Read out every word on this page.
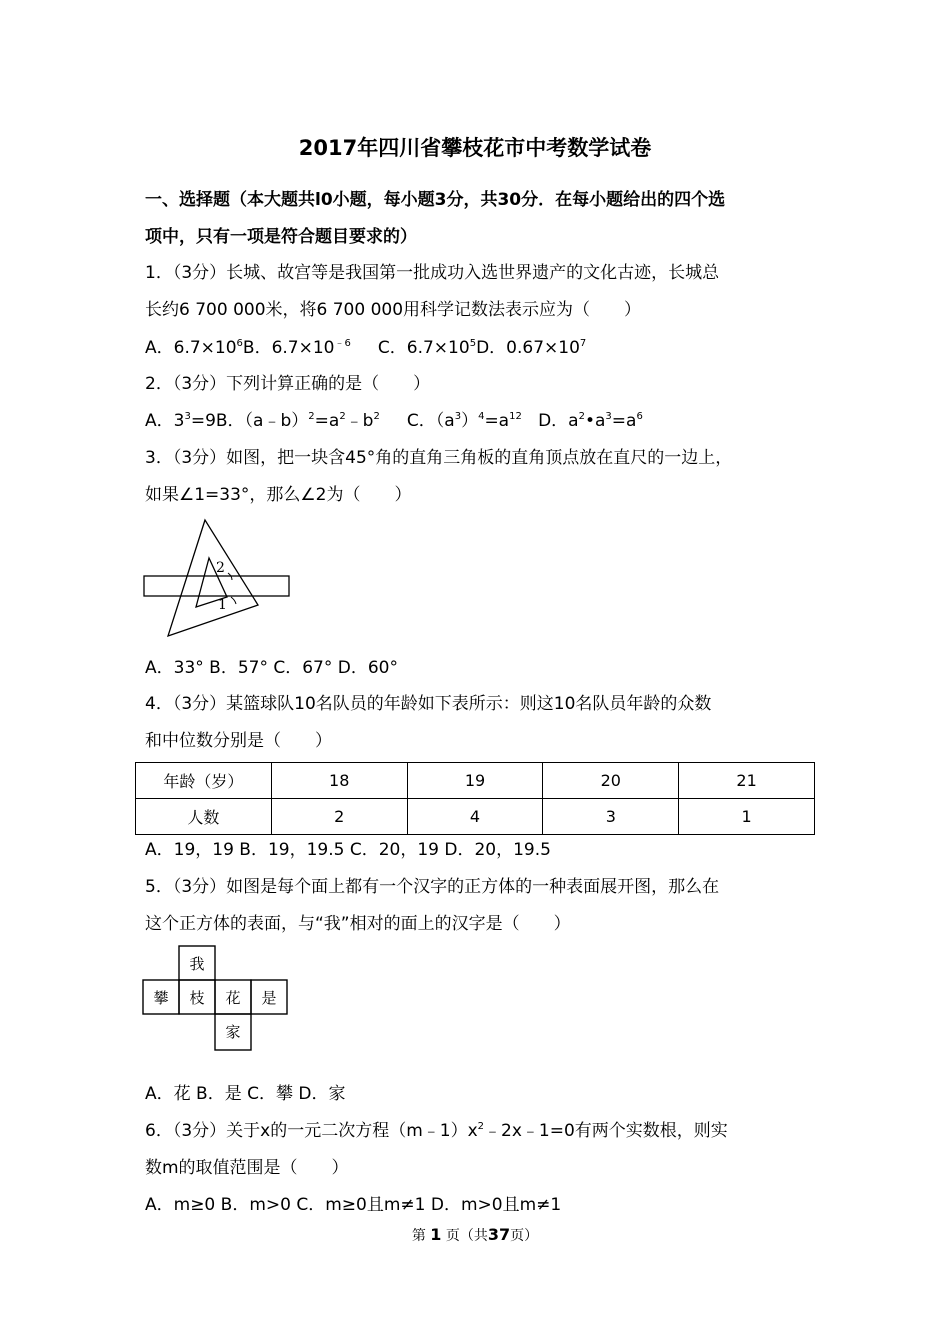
2017年四川省攀枝花市中考数学试卷
一、选择题（本大题共l0小题，每小题3分，共30分．在每小题给出的四个选
项中，只有一项是符合题目要求的）
1．（3分）长城、故宫等是我国第一批成功入选世界遗产的文化古迹，长城总
长约6 700 000米，将6 700 000用科学记数法表示应为（　　）
A．$6.7\times 10^6B$．$6.7\times 10^{﹣6}$ C．$6.7\times 10^5D$．$0.67\times 10^7$
2．（3分）下列计算正确的是（　　）
A．$3^3=9B$．$(a﹣b)^2=a^2﹣b^2$ C．$(a^3)^4=a^{12}$ D．$a^2•a^3=a^6$
3．（3分）如图，把一块含45°角的直角三角板的直角顶点放在直尺的一边上，
如果∠1=33°，那么∠2为（　　）
2
1
A．33° B．57° C．67° D．60°
4．（3分）某篮球队10名队员的年龄如下表所示：则这10名队员年龄的众数
和中位数分别是（　　）
年龄（岁）	18	19	20	21
人数	2	4	3	1
A．19，19 B．19，19.5 C．20，19 D．20，19.5
5．（3分）如图是每个面上都有一个汉字的正方体的一种表面展开图，那么在
这个正方体的表面，与“我”相对的面上的汉字是（　　）
我
攀 枝 花 是
家
A．花 B．是 C．攀 D．家
6．（3分）关于x的一元二次方程$(m﹣1)x^2﹣2x﹣1=0$有两个实数根，则实
数m的取值范围是（　　）
A．m≥0 B．m>0 C．m≥0且m≠1 D．m>0且m≠1
第 1 页（共37页）
